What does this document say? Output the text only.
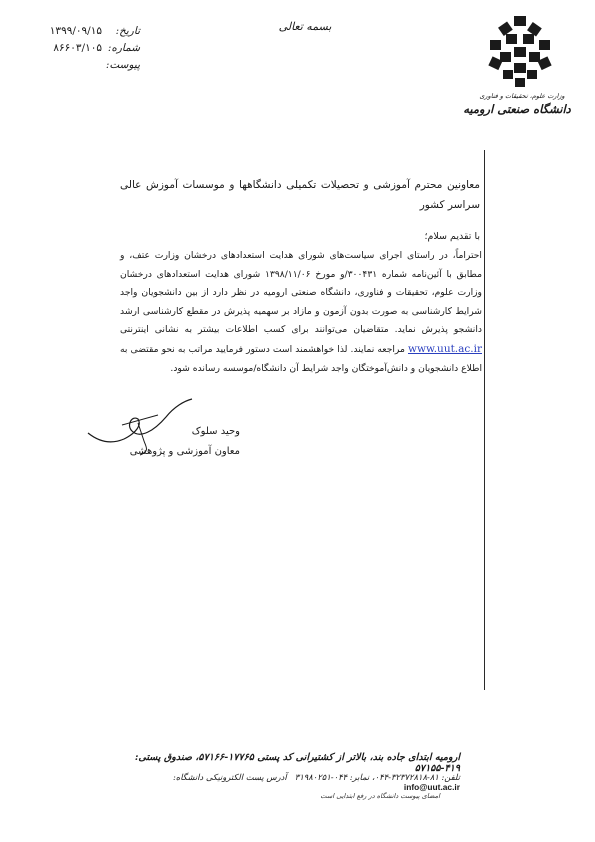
وزارت علوم، تحقیقات و فناوری
دانشگاه صنعتی ارومیه
بسمه تعالی
تاریخ:
شماره:
پیوست:
۱۳۹۹/۰۹/۱۵
۸۶۶۰۳/۱۰۵
معاونین محترم آموزشی و تحصیلات تکمیلی دانشگاهها و موسسات آموزش عالی سراسر کشور
با تقدیم سلام؛
احتراماً، در راستای اجرای سیاست‌های شورای هدایت استعدادهای درخشان وزارت عتف، و مطابق با آئین‌نامه شماره ۳۰۰۴۳۱/و مورخ ۱۳۹۸/۱۱/۰۶ شورای هدایت استعدادهای درخشان وزارت علوم، تحقیقات و فناوری، دانشگاه صنعتی ارومیه در نظر دارد از بین دانشجویان واجد شرایط کارشناسی به صورت بدون آزمون و مازاد بر سهمیه پذیرش در مقطع کارشناسی ارشد دانشجو پذیرش نماید. متقاضیان می‌توانند برای کسب اطلاعات بیشتر به نشانی اینترنتی www.uut.ac.ir مراجعه نمایند. لذا خواهشمند است دستور فرمایید مراتب به نحو مقتضی به اطلاع دانشجویان و دانش‌آموختگان واجد شرایط آن دانشگاه/موسسه رسانده شود.
وحید سلوک
معاون آموزشی و پژوهشی
ارومیه ابتدای جاده بند، بالاتر از کشتیرانی کد پستی ۱۷۷۶۵-۵۷۱۶۶، صندوق پستی: ۴۱۹-۵۷۱۵۵
تلفن: ۸۱-۳۲۳۷۲۸۱۸-۰۴۴، نمابر: ۰۴۴-۳۱۹۸۰۲۵۱   آدرس پست الکترونیکی دانشگاه: info@uut.ac.ir
امضای پیوست دانشگاه در رفع ابتدایی است
